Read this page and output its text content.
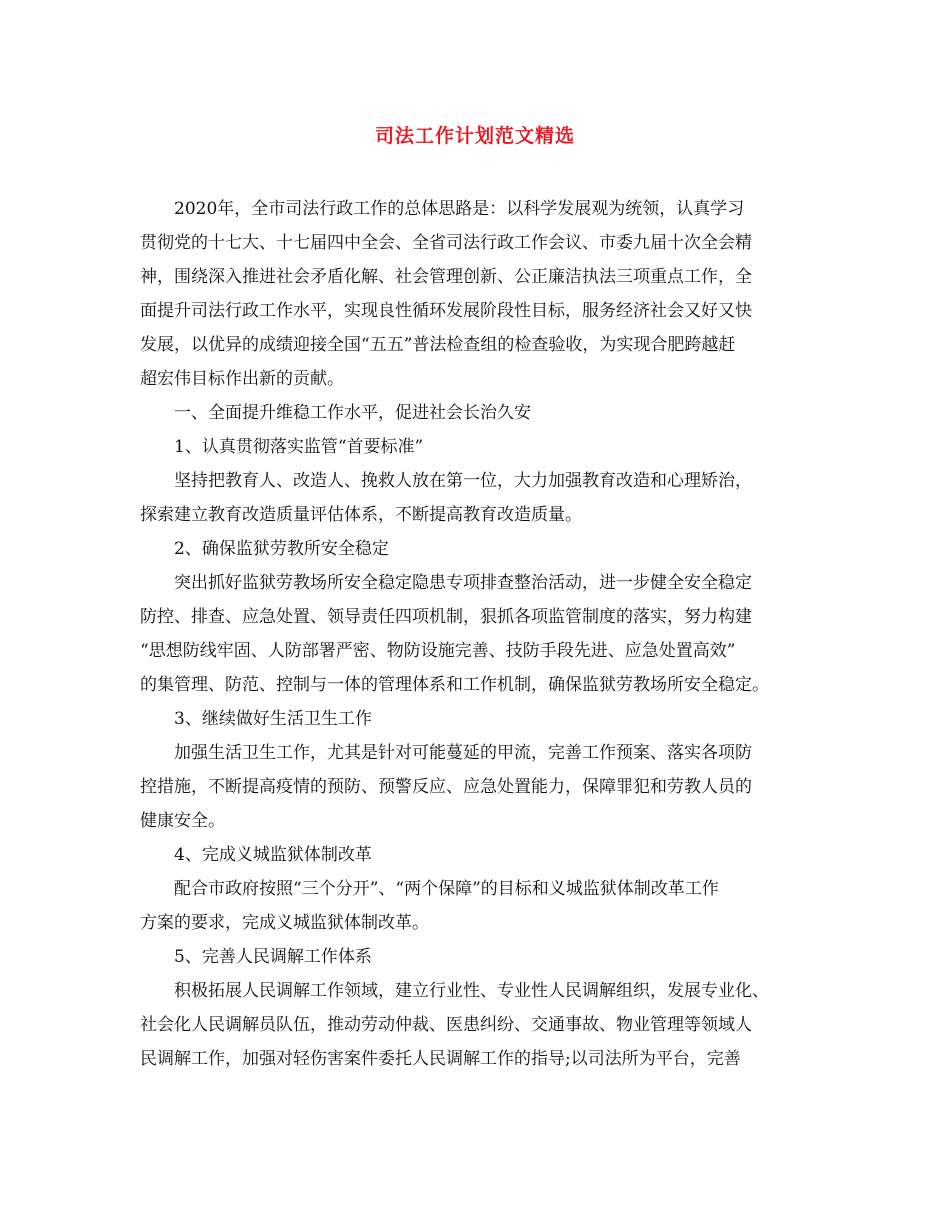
司法工作计划范文精选
2020年，全市司法行政工作的总体思路是：以科学发展观为统领，认真学习
贯彻党的十七大、十七届四中全会、全省司法行政工作会议、市委九届十次全会精
神，围绕深入推进社会矛盾化解、社会管理创新、公正廉洁执法三项重点工作，全
面提升司法行政工作水平，实现良性循环发展阶段性目标，服务经济社会又好又快
发展，以优异的成绩迎接全国“五五”普法检查组的检查验收，为实现合肥跨越赶
超宏伟目标作出新的贡献。
一、全面提升维稳工作水平，促进社会长治久安
1、认真贯彻落实监管“首要标准”
坚持把教育人、改造人、挽救人放在第一位，大力加强教育改造和心理矫治，
探索建立教育改造质量评估体系，不断提高教育改造质量。
2、确保监狱劳教所安全稳定
突出抓好监狱劳教场所安全稳定隐患专项排查整治活动，进一步健全安全稳定
防控、排查、应急处置、领导责任四项机制，狠抓各项监管制度的落实，努力构建
“思想防线牢固、人防部署严密、物防设施完善、技防手段先进、应急处置高效”
的集管理、防范、控制与一体的管理体系和工作机制，确保监狱劳教场所安全稳定。
3、继续做好生活卫生工作
加强生活卫生工作，尤其是针对可能蔓延的甲流，完善工作预案、落实各项防
控措施，不断提高疫情的预防、预警反应、应急处置能力，保障罪犯和劳教人员的
健康安全。
4、完成义城监狱体制改革
配合市政府按照“三个分开”、“两个保障”的目标和义城监狱体制改革工作
方案的要求，完成义城监狱体制改革。
5、完善人民调解工作体系
积极拓展人民调解工作领域，建立行业性、专业性人民调解组织，发展专业化、
社会化人民调解员队伍，推动劳动仲裁、医患纠纷、交通事故、物业管理等领域人
民调解工作，加强对轻伤害案件委托人民调解工作的指导;以司法所为平台，完善
